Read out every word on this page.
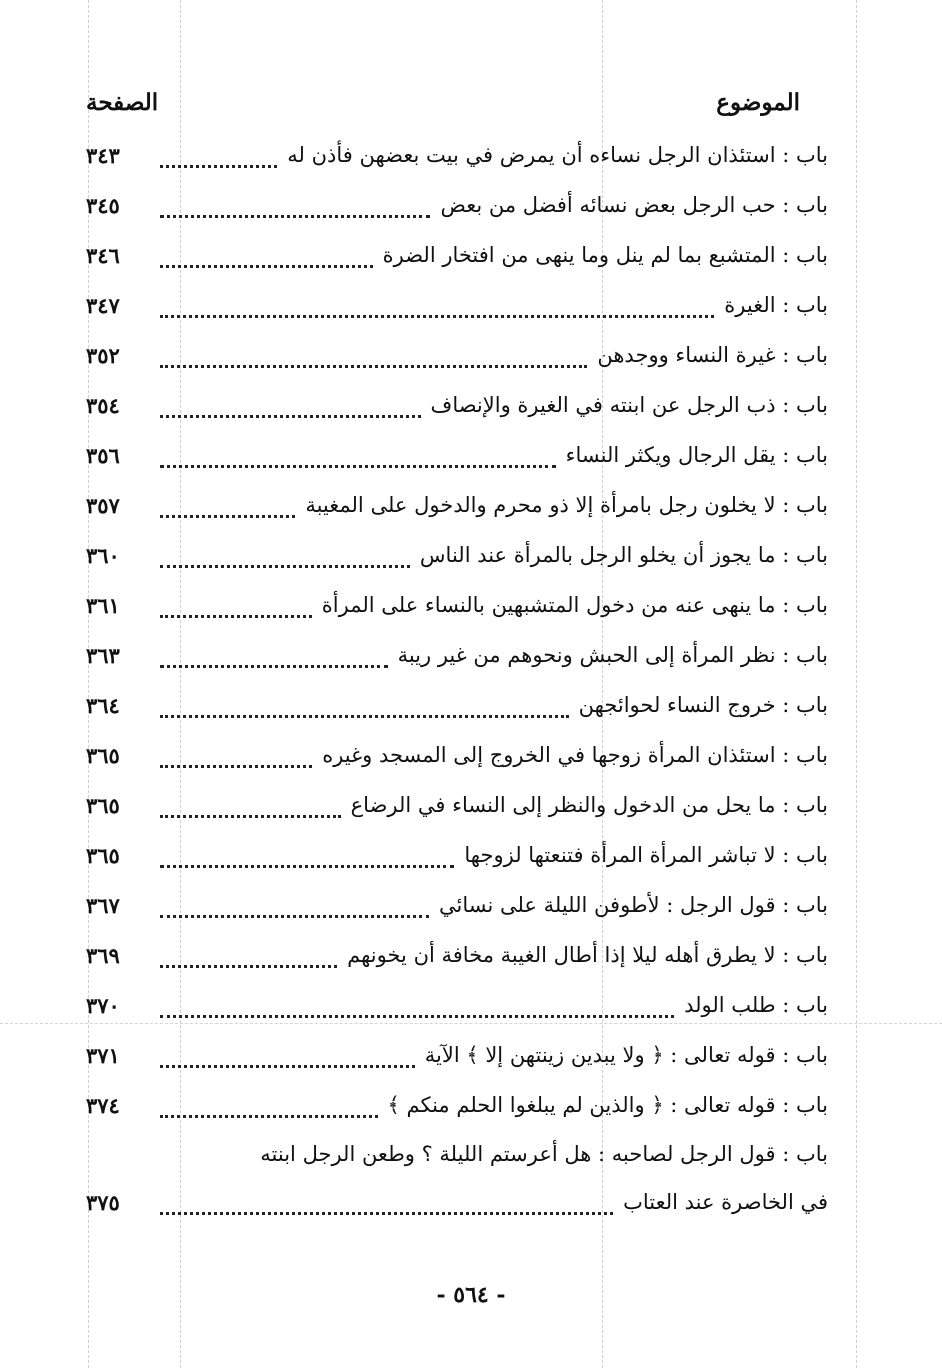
الموضوع
الصفحة
باب : استئذان الرجل نساءه أن يمرض في بيت بعضهن فأذن له
٣٤٣
باب : حب الرجل بعض نسائه أفضل من بعض
٣٤٥
باب : المتشبع بما لم ينل وما ينهى من افتخار الضرة
٣٤٦
باب : الغيرة
٣٤٧
باب : غيرة النساء ووجدهن
٣٥٢
باب : ذب الرجل عن ابنته في الغيرة والإنصاف
٣٥٤
باب : يقل الرجال ويكثر النساء
٣٥٦
باب : لا يخلون رجل بامرأة إلا ذو محرم والدخول على المغيبة
٣٥٧
باب : ما يجوز أن يخلو الرجل بالمرأة عند الناس
٣٦٠
باب : ما ينهى عنه من دخول المتشبهين بالنساء على المرأة
٣٦١
باب : نظر المرأة إلى الحبش ونحوهم من غير ريبة
٣٦٣
باب : خروج النساء لحوائجهن
٣٦٤
باب : استئذان المرأة زوجها في الخروج إلى المسجد وغيره
٣٦٥
باب : ما يحل من الدخول والنظر إلى النساء في الرضاع
٣٦٥
باب : لا تباشر المرأة المرأة فتنعتها لزوجها
٣٦٥
باب : قول الرجل : لأطوفن الليلة على نسائي
٣٦٧
باب : لا يطرق أهله ليلا إذا أطال الغيبة مخافة أن يخونهم
٣٦٩
باب : طلب الولد
٣٧٠
باب : قوله تعالى : ﴿ ولا يبدين زينتهن إلا ﴾ الآية
٣٧١
باب : قوله تعالى : ﴿ والذين لم يبلغوا الحلم منكم ﴾
٣٧٤
باب : قول الرجل لصاحبه : هل أعرستم الليلة ؟ وطعن الرجل ابنته
في الخاصرة عند العتاب
٣٧٥
- ٥٦٤ -
